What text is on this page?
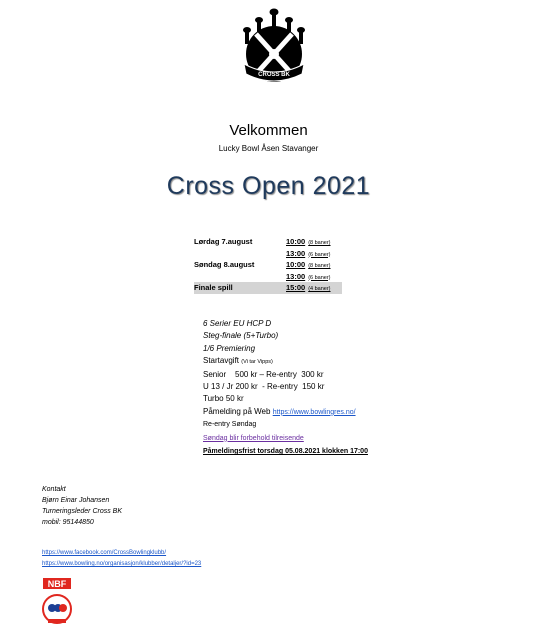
CROSS BK
Velkommen
Lucky Bowl Åsen Stavanger
Cross Open 2021
Lørdag 7.august	10:00 (8 baner)
13:00 (6 baner)
Søndag 8.august	10:00 (8 baner)
13:00 (6 baner)
Finale spill	15:00 (4 baner)
6 Serier EU HCP D
Steg-finale (5+Turbo)
1/6 Premiering
Startavgift (Vi tar Vipps)
Senior    500 kr – Re-entry  300 kr
U 13 / Jr 200 kr  - Re-entry  150 kr
Turbo 50 kr
Påmelding på Web https://www.bowlingres.no/
Re-entry Søndag
Søndag blir forbehold tilreisende
Påmeldingsfrist torsdag 05.08.2021 klokken 17:00
Kontakt
Bjørn Einar Johansen
Turneringsleder Cross BK
mobil: 95144850
https://www.facebook.com/CrossBowlingklubb/
https://www.bowling.no/organisasjon/klubber/detaljer/?id=23
NBF
